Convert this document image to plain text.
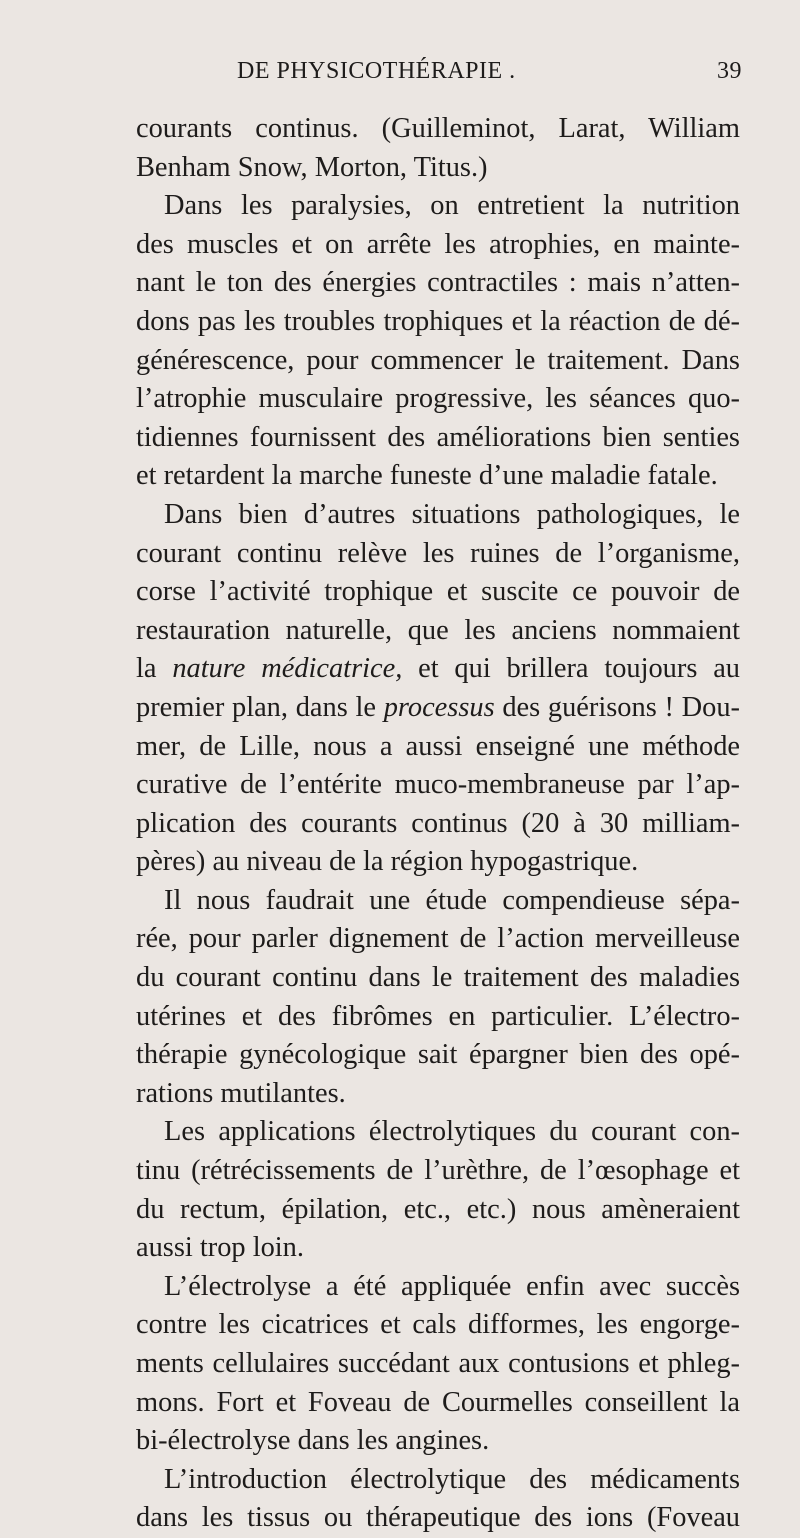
DE PHYSICOTHÉRAPIE .	39
courants continus. (Guilleminot, Larat, William
Benham Snow, Morton, Titus.)
Dans les paralysies, on entretient la nutrition
des muscles et on arrête les atrophies, en mainte-
nant le ton des énergies contractiles : mais n’atten-
dons pas les troubles trophiques et la réaction de dé-
générescence, pour commencer le traitement. Dans
l’atrophie musculaire progressive, les séances quo-
tidiennes fournissent des améliorations bien senties
et retardent la marche funeste d’une maladie fatale.
Dans bien d’autres situations pathologiques, le
courant continu relève les ruines de l’organisme,
corse l’activité trophique et suscite ce pouvoir de
restauration naturelle, que les anciens nommaient
la nature médicatrice, et qui brillera toujours au
premier plan, dans le processus des guérisons ! Dou-
mer, de Lille, nous a aussi enseigné une méthode
curative de l’entérite muco-membraneuse par l’ap-
plication des courants continus (20 à 30 milliam-
pères) au niveau de la région hypogastrique.
Il nous faudrait une étude compendieuse sépa-
rée, pour parler dignement de l’action merveilleuse
du courant continu dans le traitement des maladies
utérines et des fibrômes en particulier. L’électro-
thérapie gynécologique sait épargner bien des opé-
rations mutilantes.
Les applications électrolytiques du courant con-
tinu (rétrécissements de l’urèthre, de l’œsophage et
du rectum, épilation, etc., etc.) nous amèneraient
aussi trop loin.
L’électrolyse a été appliquée enfin avec succès
contre les cicatrices et cals difformes, les engorge-
ments cellulaires succédant aux contusions et phleg-
mons. Fort et Foveau de Courmelles conseillent la
bi-électrolyse dans les angines.
L’introduction électrolytique des médicaments
dans les tissus ou thérapeutique des ions (Foveau
